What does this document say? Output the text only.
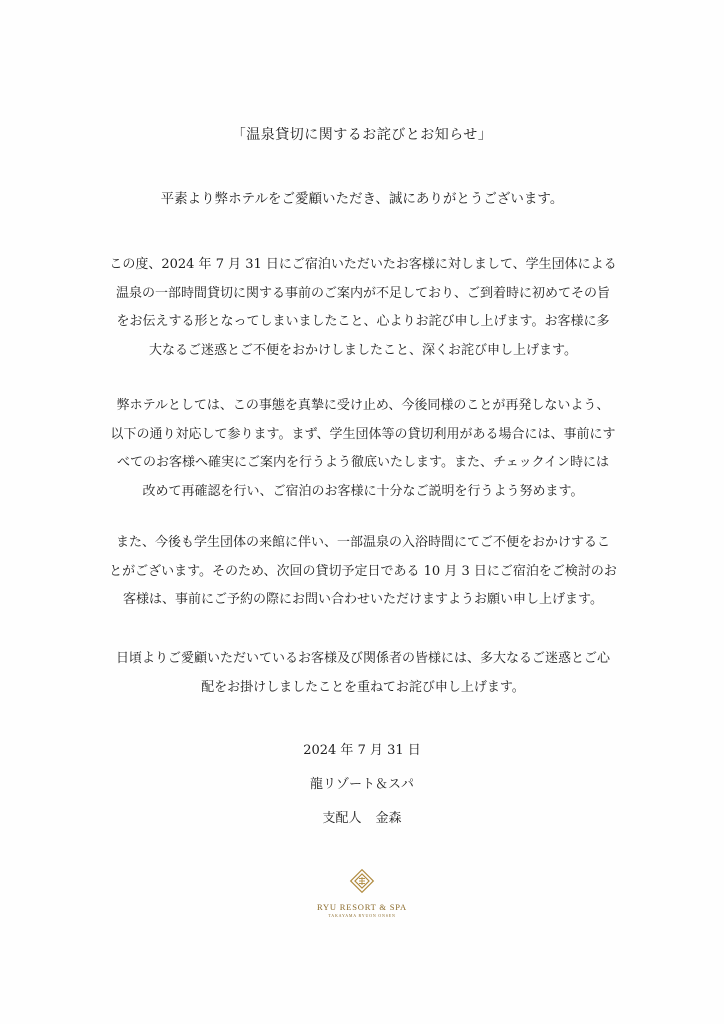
「温泉貸切に関するお詫びとお知らせ」
平素より弊ホテルをご愛顧いただき、誠にありがとうございます。

この度、2024 年 7 月 31 日にご宿泊いただいたお客様に対しまして、学生団体による
温泉の一部時間貸切に関する事前のご案内が不足しており、ご到着時に初めてその旨
をお伝えする形となってしまいましたこと、心よりお詫び申し上げます。お客様に多
大なるご迷惑とご不便をおかけしましたこと、深くお詫び申し上げます。

弊ホテルとしては、この事態を真摯に受け止め、今後同様のことが再発しないよう、
以下の通り対応して参ります。まず、学生団体等の貸切利用がある場合には、事前にす
べてのお客様へ確実にご案内を行うよう徹底いたします。また、チェックイン時には
改めて再確認を行い、ご宿泊のお客様に十分なご説明を行うよう努めます。

また、今後も学生団体の来館に伴い、一部温泉の入浴時間にてご不便をおかけするこ
とがございます。そのため、次回の貸切予定日である 10 月 3 日にご宿泊をご検討のお
客様は、事前にご予約の際にお問い合わせいただけますようお願い申し上げます。

日頃よりご愛顧いただいているお客様及び関係者の皆様には、多大なるご迷惑とご心
配をお掛けしましたことを重ねてお詫び申し上げます。

2024 年 7 月 31 日
龍リゾート＆スパ
支配人 金森
RYU RESORT & SPA
TAKAYAMA RYUON ONSEN
